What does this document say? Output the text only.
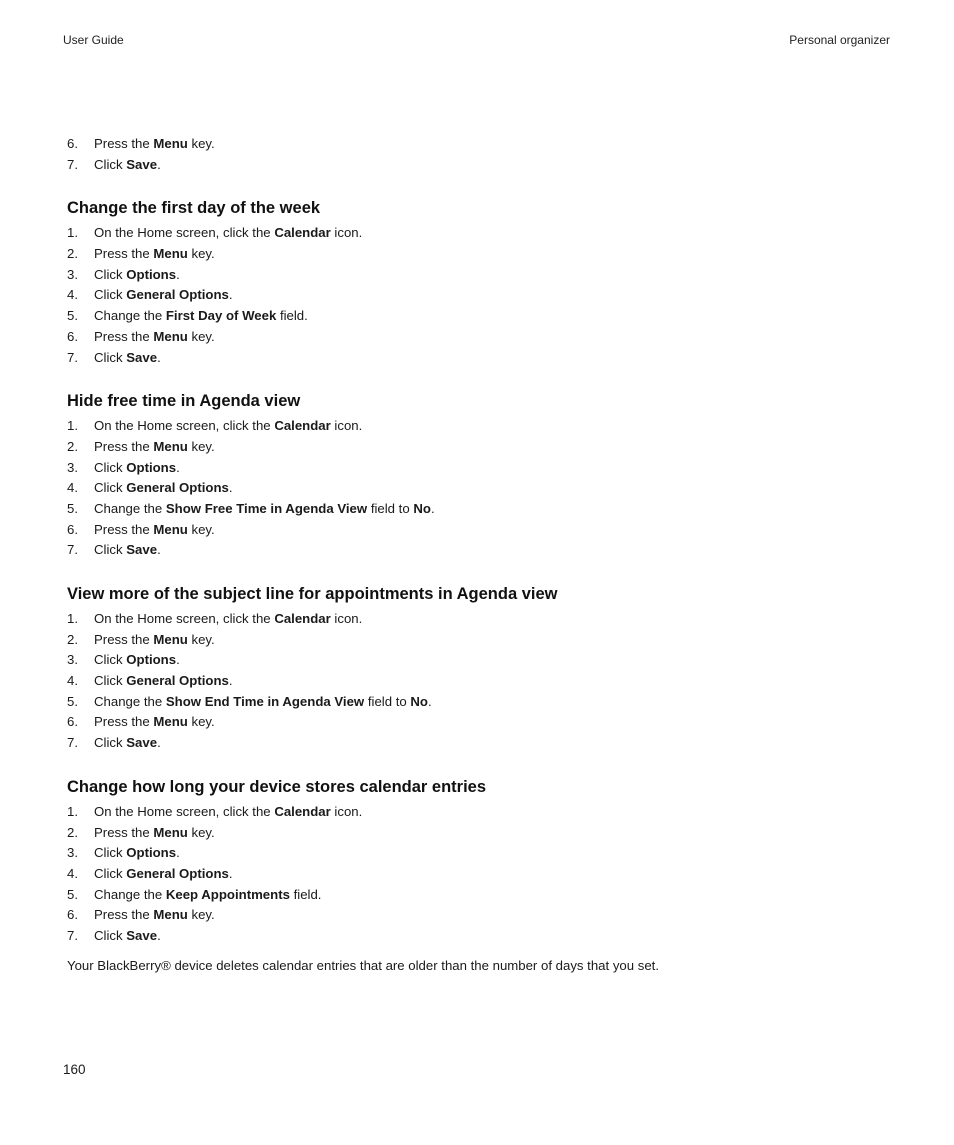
User Guide	Personal organizer
6.	Press the Menu key.
7.	Click Save.
Change the first day of the week
1.	On the Home screen, click the Calendar icon.
2.	Press the Menu key.
3.	Click Options.
4.	Click General Options.
5.	Change the First Day of Week field.
6.	Press the Menu key.
7.	Click Save.
Hide free time in Agenda view
1.	On the Home screen, click the Calendar icon.
2.	Press the Menu key.
3.	Click Options.
4.	Click General Options.
5.	Change the Show Free Time in Agenda View field to No.
6.	Press the Menu key.
7.	Click Save.
View more of the subject line for appointments in Agenda view
1.	On the Home screen, click the Calendar icon.
2.	Press the Menu key.
3.	Click Options.
4.	Click General Options.
5.	Change the Show End Time in Agenda View field to No.
6.	Press the Menu key.
7.	Click Save.
Change how long your device stores calendar entries
1.	On the Home screen, click the Calendar icon.
2.	Press the Menu key.
3.	Click Options.
4.	Click General Options.
5.	Change the Keep Appointments field.
6.	Press the Menu key.
7.	Click Save.
Your BlackBerry® device deletes calendar entries that are older than the number of days that you set.
160
